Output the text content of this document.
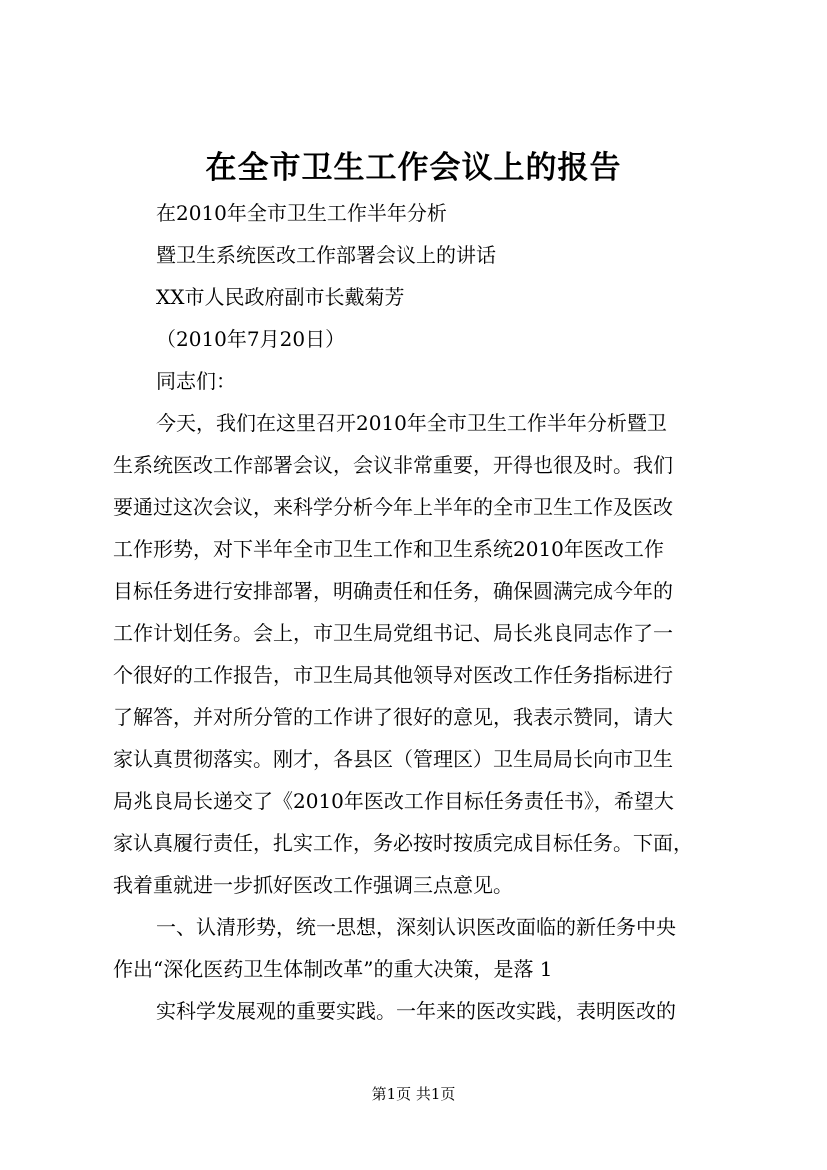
在全市卫生工作会议上的报告
在2010年全市卫生工作半年分析
暨卫生系统医改工作部署会议上的讲话
XX市人民政府副市长戴菊芳
（2010年7月20日）
同志们：
今天，我们在这里召开2010年全市卫生工作半年分析暨卫
生系统医改工作部署会议，会议非常重要，开得也很及时。我们
要通过这次会议，来科学分析今年上半年的全市卫生工作及医改
工作形势，对下半年全市卫生工作和卫生系统2010年医改工作
目标任务进行安排部署，明确责任和任务，确保圆满完成今年的
工作计划任务。会上，市卫生局党组书记、局长兆良同志作了一
个很好的工作报告，市卫生局其他领导对医改工作任务指标进行
了解答，并对所分管的工作讲了很好的意见，我表示赞同，请大
家认真贯彻落实。刚才，各县区（管理区）卫生局局长向市卫生
局兆良局长递交了《2010年医改工作目标任务责任书》，希望大
家认真履行责任，扎实工作，务必按时按质完成目标任务。下面，
我着重就进一步抓好医改工作强调三点意见。
一、认清形势，统一思想，深刻认识医改面临的新任务中央
作出“深化医药卫生体制改革”的重大决策，是落 1
实科学发展观的重要实践。一年来的医改实践，表明医改的
第1页 共1页
